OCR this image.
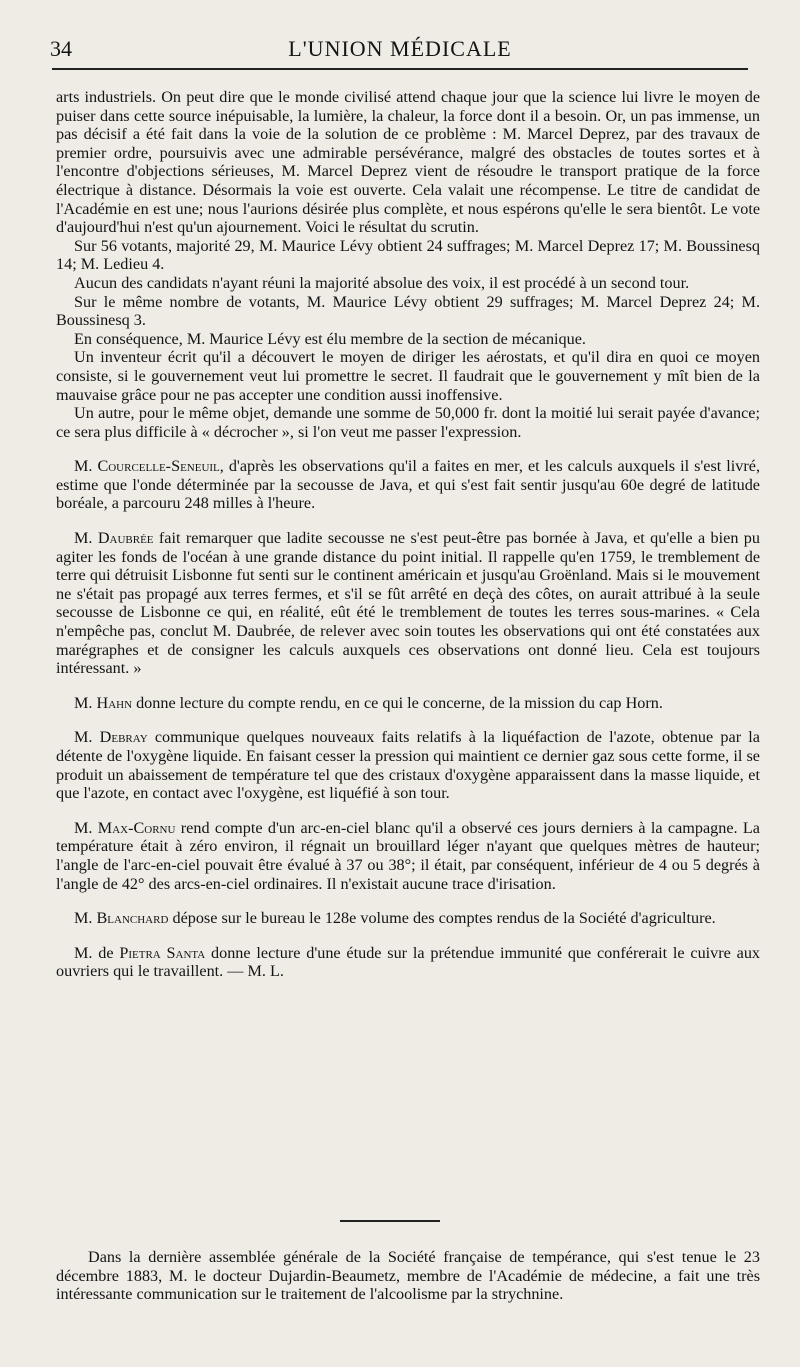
34	L'UNION MÉDICALE

arts industriels. On peut dire que le monde civilisé attend chaque jour que la science lui livre le moyen de puiser dans cette source inépuisable, la lumière, la chaleur, la force dont il a besoin. Or, un pas immense, un pas décisif a été fait dans la voie de la solution de ce problème : M. Marcel Deprez, par des travaux de premier ordre, poursuivis avec une admirable persévérance, malgré des obstacles de toutes sortes et à l'encontre d'objections sérieuses, M. Marcel Deprez vient de résoudre le transport pratique de la force électrique à distance. Désormais la voie est ouverte. Cela valait une récompense. Le titre de candidat de l'Académie en est une; nous l'aurions désirée plus complète, et nous espérons qu'elle le sera bientôt. Le vote d'aujourd'hui n'est qu'un ajournement. Voici le résultat du scrutin.

Sur 56 votants, majorité 29, M. Maurice Lévy obtient 24 suffrages; M. Marcel Deprez 17; M. Boussinesq 14; M. Ledieu 4.

Aucun des candidats n'ayant réuni la majorité absolue des voix, il est procédé à un second tour.

Sur le même nombre de votants, M. Maurice Lévy obtient 29 suffrages; M. Marcel Deprez 24; M. Boussinesq 3.

En conséquence, M. Maurice Lévy est élu membre de la section de mécanique.

Un inventeur écrit qu'il a découvert le moyen de diriger les aérostats, et qu'il dira en quoi ce moyen consiste, si le gouvernement veut lui promettre le secret. Il faudrait que le gouvernement y mît bien de la mauvaise grâce pour ne pas accepter une condition aussi inoffensive.

Un autre, pour le même objet, demande une somme de 50,000 fr. dont la moitié lui serait payée d'avance; ce sera plus difficile à « décrocher », si l'on veut me passer l'expression.

M. Courcelle-Seneuil, d'après les observations qu'il a faites en mer, et les calculs auxquels il s'est livré, estime que l'onde déterminée par la secousse de Java, et qui s'est fait sentir jusqu'au 60e degré de latitude boréale, a parcouru 248 milles à l'heure.

M. Daubrée fait remarquer que ladite secousse ne s'est peut-être pas bornée à Java, et qu'elle a bien pu agiter les fonds de l'océan à une grande distance du point initial. Il rappelle qu'en 1759, le tremblement de terre qui détruisit Lisbonne fut senti sur le continent américain et jusqu'au Groënland. Mais si le mouvement ne s'était pas propagé aux terres fermes, et s'il se fût arrêté en deçà des côtes, on aurait attribué à la seule secousse de Lisbonne ce qui, en réalité, eût été le tremblement de toutes les terres sous-marines. « Cela n'empêche pas, conclut M. Daubrée, de relever avec soin toutes les observations qui ont été constatées aux marégraphes et de consigner les calculs auxquels ces observations ont donné lieu. Cela est toujours intéressant. »

M. Hahn donne lecture du compte rendu, en ce qui le concerne, de la mission du cap Horn.

M. Debray communique quelques nouveaux faits relatifs à la liquéfaction de l'azote, obtenue par la détente de l'oxygène liquide. En faisant cesser la pression qui maintient ce dernier gaz sous cette forme, il se produit un abaissement de température tel que des cristaux d'oxygène apparaissent dans la masse liquide, et que l'azote, en contact avec l'oxygène, est liquéfié à son tour.

M. Max-Cornu rend compte d'un arc-en-ciel blanc qu'il a observé ces jours derniers à la campagne. La température était à zéro environ, il régnait un brouillard léger n'ayant que quelques mètres de hauteur; l'angle de l'arc-en-ciel pouvait être évalué à 37 ou 38°; il était, par conséquent, inférieur de 4 ou 5 degrés à l'angle de 42° des arcs-en-ciel ordinaires. Il n'existait aucune trace d'irisation.

M. Blanchard dépose sur le bureau le 128e volume des comptes rendus de la Société d'agriculture.

M. de Pietra Santa donne lecture d'une étude sur la prétendue immunité que conférerait le cuivre aux ouvriers qui le travaillent. — M. L.

Dans la dernière assemblée générale de la Société française de tempérance, qui s'est tenue le 23 décembre 1883, M. le docteur Dujardin-Beaumetz, membre de l'Académie de médecine, a fait une très intéressante communication sur le traitement de l'alcoolisme par la strychnine.
